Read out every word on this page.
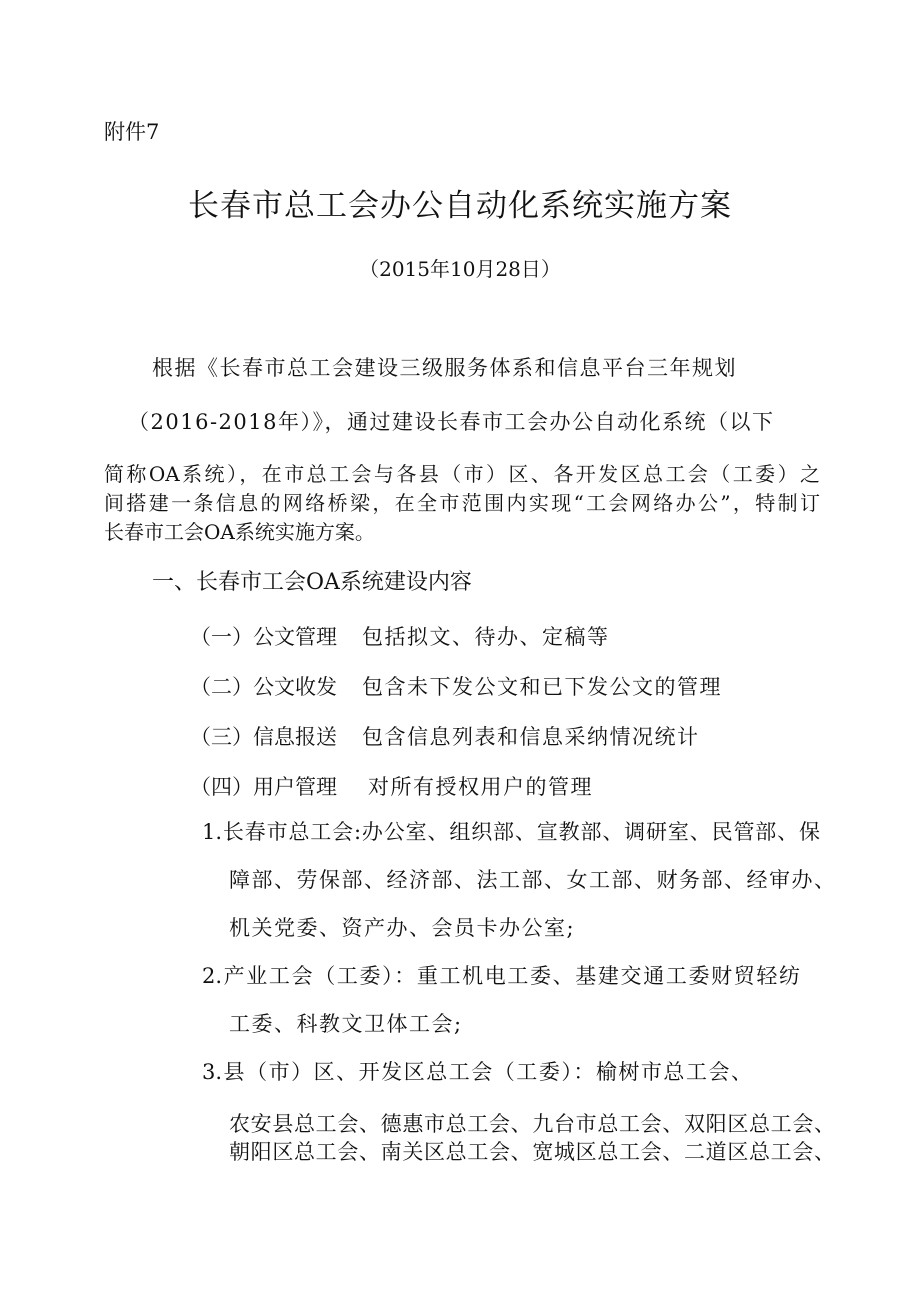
附件7
长春市总工会办公自动化系统实施方案
（2015年10月28日）
根据《长春市总工会建设三级服务体系和信息平台三年规划
（2016-2018年）》，通过建设长春市工会办公自动化系统（以下
简称OA系统），在市总工会与各县（市）区、各开发区总工会（工委）之
间搭建一条信息的网络桥梁，在全市范围内实现“工会网络办公”，特制订
长春市工会OA系统实施方案。
一、长春市工会OA系统建设内容
（一）公文管理 包括拟文、待办、定稿等
（二）公文收发 包含未下发公文和已下发公文的管理
（三）信息报送 包含信息列表和信息采纳情况统计
（四）用户管理 对所有授权用户的管理
1.长春市总工会:办公室、组织部、宣教部、调研室、民管部、保
障部、劳保部、经济部、法工部、女工部、财务部、经审办、
机关党委、资产办、会员卡办公室;
2.产业工会（工委）：重工机电工委、基建交通工委财贸轻纺
工委、科教文卫体工会;
3.县（市）区、开发区总工会（工委）：榆树市总工会、
农安县总工会、德惠市总工会、九台市总工会、双阳区总工会、
朝阳区总工会、南关区总工会、宽城区总工会、二道区总工会、
